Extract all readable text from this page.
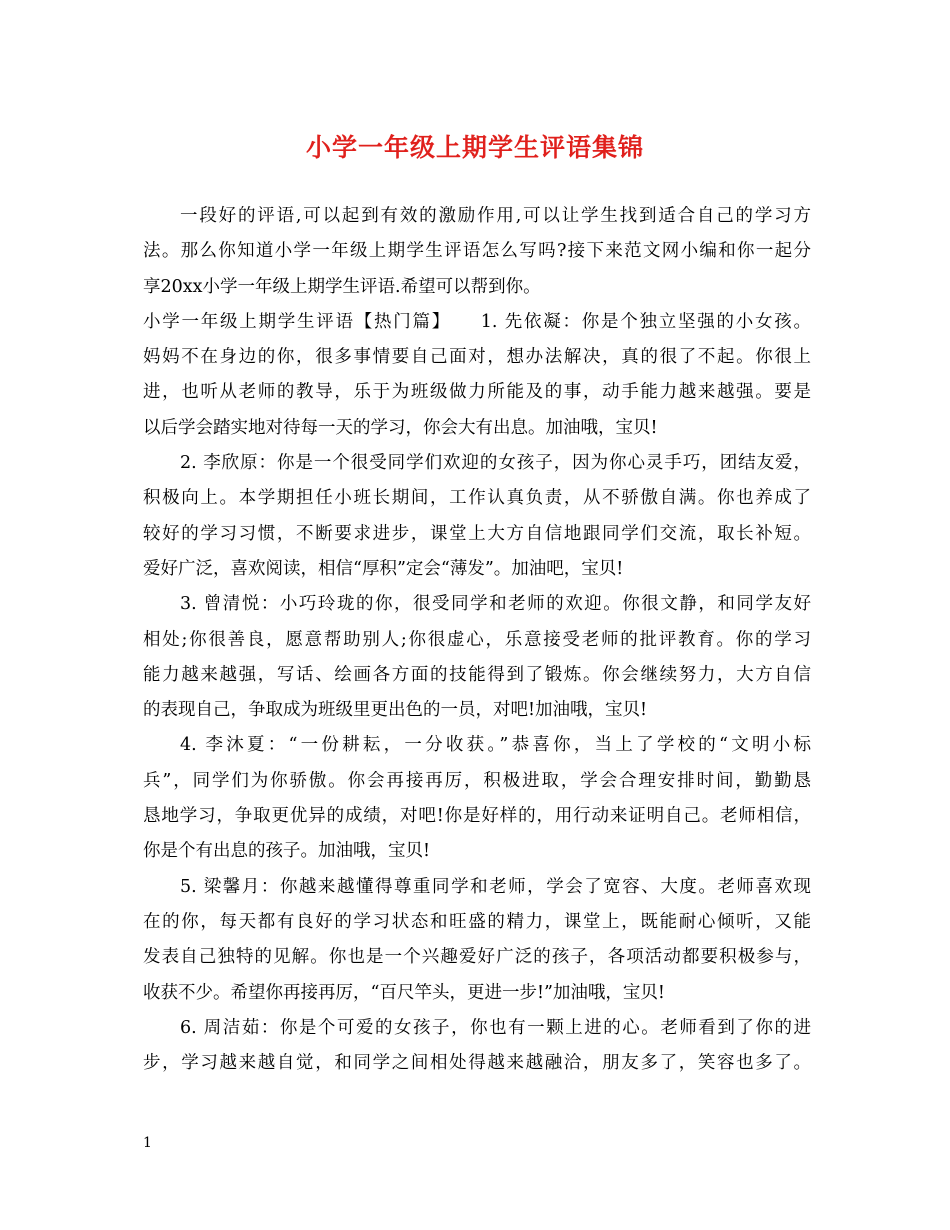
小学一年级上期学生评语集锦
一段好的评语,可以起到有效的激励作用,可以让学生找到适合自己的学习方
法。那么你知道小学一年级上期学生评语怎么写吗?接下来范文网小编和你一起分
享20xx小学一年级上期学生评语.希望可以帮到你。
小学一年级上期学生评语【热门篇】　　1. 先依凝：你是个独立坚强的小女孩。
妈妈不在身边的你，很多事情要自己面对，想办法解决，真的很了不起。你很上
进，也听从老师的教导，乐于为班级做力所能及的事，动手能力越来越强。要是
以后学会踏实地对待每一天的学习，你会大有出息。加油哦，宝贝!
2. 李欣原：你是一个很受同学们欢迎的女孩子，因为你心灵手巧，团结友爱，
积极向上。本学期担任小班长期间，工作认真负责，从不骄傲自满。你也养成了
较好的学习习惯，不断要求进步，课堂上大方自信地跟同学们交流，取长补短。
爱好广泛，喜欢阅读，相信“厚积”定会“薄发”。加油吧，宝贝!
3. 曾清悦：小巧玲珑的你，很受同学和老师的欢迎。你很文静，和同学友好
相处;你很善良，愿意帮助别人;你很虚心，乐意接受老师的批评教育。你的学习
能力越来越强，写话、绘画各方面的技能得到了锻炼。你会继续努力，大方自信
的表现自己，争取成为班级里更出色的一员，对吧!加油哦，宝贝!
4. 李沐夏：“一份耕耘，一分收获。”恭喜你，当上了学校的“文明小标
兵”，同学们为你骄傲。你会再接再厉，积极进取，学会合理安排时间，勤勤恳
恳地学习，争取更优异的成绩，对吧!你是好样的，用行动来证明自己。老师相信，
你是个有出息的孩子。加油哦，宝贝!
5. 梁馨月：你越来越懂得尊重同学和老师，学会了宽容、大度。老师喜欢现
在的你，每天都有良好的学习状态和旺盛的精力，课堂上，既能耐心倾听，又能
发表自己独特的见解。你也是一个兴趣爱好广泛的孩子，各项活动都要积极参与，
收获不少。希望你再接再厉，“百尺竿头，更进一步!”加油哦，宝贝!
6. 周洁茹：你是个可爱的女孩子，你也有一颗上进的心。老师看到了你的进
步，学习越来越自觉，和同学之间相处得越来越融洽，朋友多了，笑容也多了。
1
